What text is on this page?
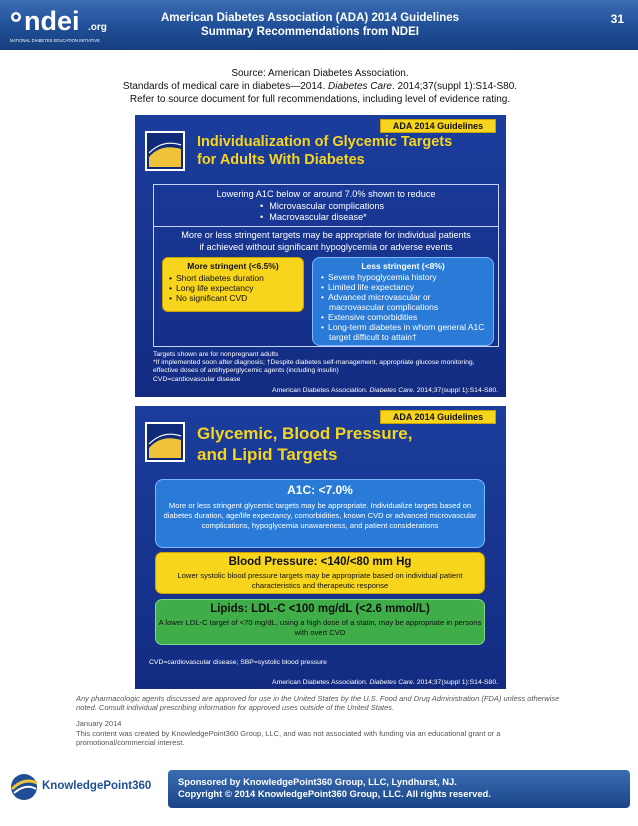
ndei .org
NATIONAL DIABETES EDUCATION INITIATIVE
American Diabetes Association (ADA) 2014 Guidelines
Summary Recommendations from NDEI
31
Source: American Diabetes Association.
Standards of medical care in diabetes—2014. Diabetes Care. 2014;37(suppl 1):S14-S80.
Refer to source document for full recommendations, including level of evidence rating.
ADA 2014 Guidelines
Individualization of Glycemic Targets
for Adults With Diabetes
Lowering A1C below or around 7.0% shown to reduce
• Microvascular complications
• Macrovascular disease*
More or less stringent targets may be appropriate for individual patients
if achieved without significant hypoglycemia or adverse events
More stringent (<6.5%)
• Short diabetes duration
• Long life expectancy
• No significant CVD
Less stringent (<8%)
• Severe hypoglycemia history
• Limited life expectancy
• Advanced microvascular or macrovascular complications
• Extensive comorbidities
• Long-term diabetes in whom general A1C target difficult to attain†
Targets shown are for nonpregnant adults
*If implemented soon after diagnosis; †Despite diabetes self-management, appropriate glucose monitoring, effective doses of antihyperglycemic agents (including insulin)
CVD=cardiovascular disease
American Diabetes Association. Diabetes Care. 2014;37(suppl 1):S14-S80.
ADA 2014 Guidelines
Glycemic, Blood Pressure,
and Lipid Targets
A1C: <7.0%
More or less stringent glycemic targets may be appropriate. Individualize targets based on diabetes duration, age/life expectancy, comorbidities, known CVD or advanced microvascular complications, hypoglycemia unawareness, and patient considerations
Blood Pressure: <140/<80 mm Hg
Lower systolic blood pressure targets may be appropriate based on individual patient characteristics and therapeutic response
Lipids: LDL-C <100 mg/dL (<2.6 mmol/L)
A lower LDL-C target of <70 mg/dL, using a high dose of a statin, may be appropriate in persons with overt CVD
CVD=cardiovascular disease; SBP=systolic blood pressure
American Diabetes Association. Diabetes Care. 2014;37(suppl 1):S14-S80.
Any pharmacologic agents discussed are approved for use in the United States by the U.S. Food and Drug Administration (FDA) unless otherwise noted. Consult individual prescribing information for approved uses outside of the United States.
January 2014
This content was created by KnowledgePoint360 Group, LLC, and was not associated with funding via an educational grant or a promotional/commercial interest.
KnowledgePoint360	Sponsored by KnowledgePoint360 Group, LLC, Lyndhurst, NJ.
Copyright © 2014 KnowledgePoint360 Group, LLC. All rights reserved.
